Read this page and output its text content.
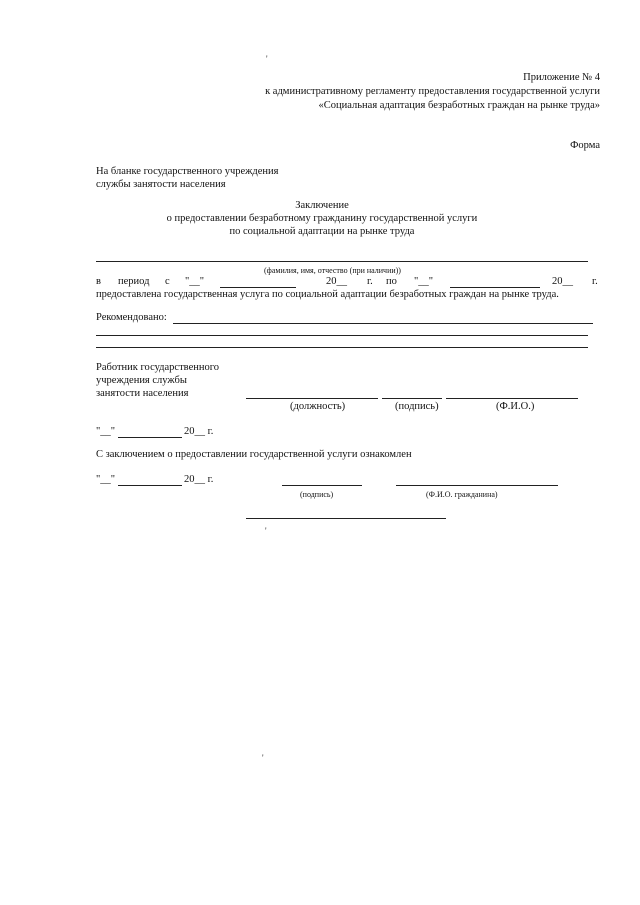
'
'
'
Приложение № 4
к административному регламенту предоставления государственной услуги
«Социальная адаптация безработных граждан на рынке труда»
Форма
На бланке государственного учреждения
службы занятости населения
Заключение
о предоставлении безработному гражданину государственной услуги
по социальной адаптации на рынке труда
(фамилия, имя, отчество (при наличии))
в период с "__"	20__ г. по "__"	20__ г.
предоставлена государственная услуга по социальной адаптации безработных граждан на рынке труда.
Рекомендовано:
Работник государственного
учреждения службы
занятости населения
(должность)	(подпись)	(Ф.И.О.)
"__"	20__ г.
С заключением о предоставлении государственной услуги ознакомлен
"__"	20__ г.
(подпись)	(Ф.И.О. гражданина)
